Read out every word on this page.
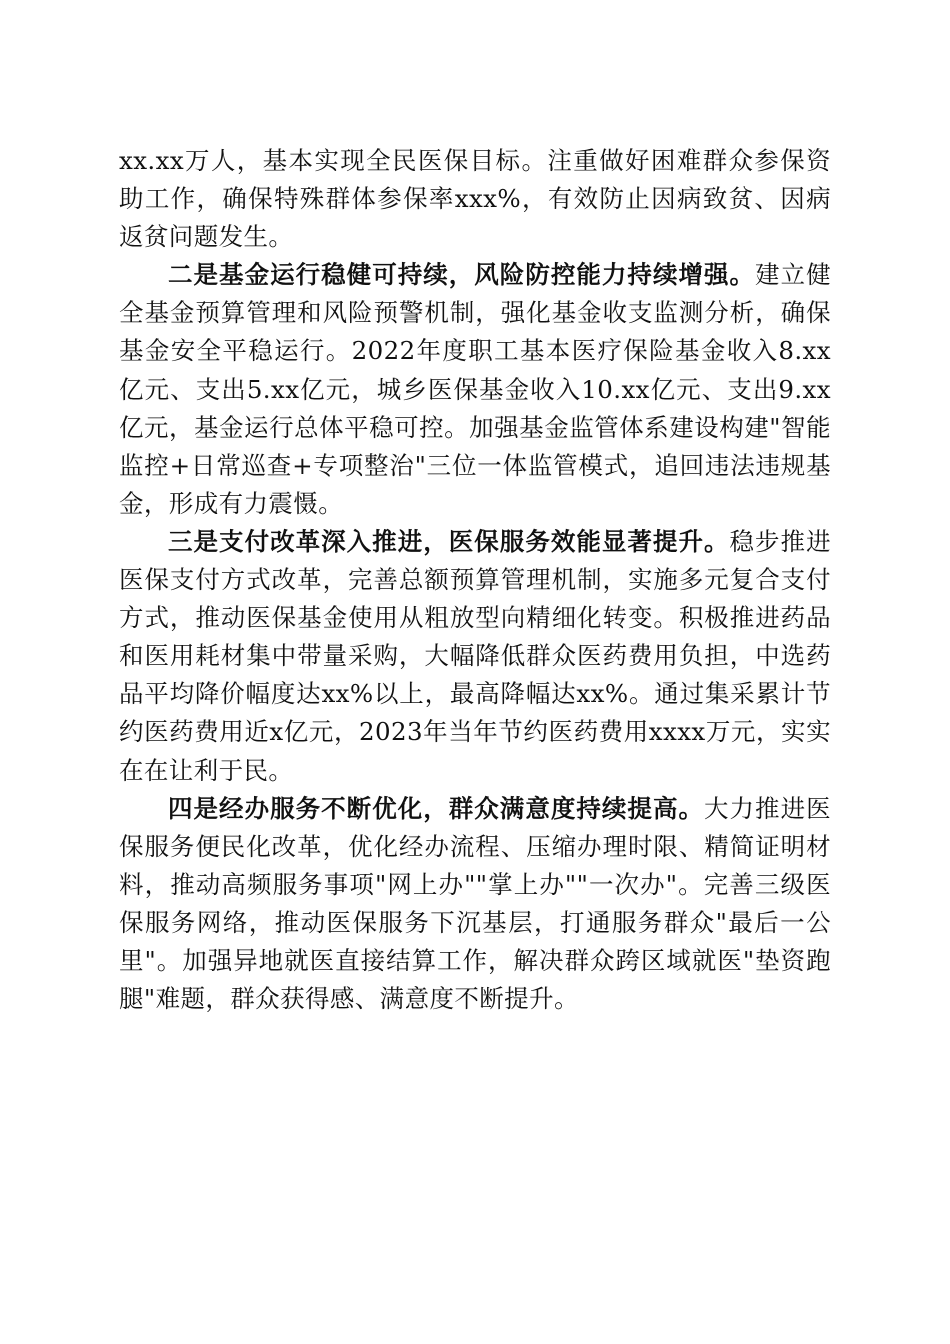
xx.xx万人，基本实现全民医保目标。注重做好困难群众参保资助工作，确保特殊群体参保率xxx%，有效防止因病致贫、因病返贫问题发生。

二是基金运行稳健可持续，风险防控能力持续增强。建立健全基金预算管理和风险预警机制，强化基金收支监测分析，确保基金安全平稳运行。2022年度职工基本医疗保险基金收入8.xx亿元、支出5.xx亿元，城乡医保基金收入10.xx亿元、支出9.xx亿元，基金运行总体平稳可控。加强基金监管体系建设构建"智能监控+日常巡查+专项整治"三位一体监管模式，追回违法违规基金，形成有力震慑。

三是支付改革深入推进，医保服务效能显著提升。稳步推进医保支付方式改革，完善总额预算管理机制，实施多元复合支付方式，推动医保基金使用从粗放型向精细化转变。积极推进药品和医用耗材集中带量采购，大幅降低群众医药费用负担，中选药品平均降价幅度达xx%以上，最高降幅达xx%。通过集采累计节约医药费用近x亿元，2023年当年节约医药费用xxxx万元，实实在在让利于民。

四是经办服务不断优化，群众满意度持续提高。大力推进医保服务便民化改革，优化经办流程、压缩办理时限、精简证明材料，推动高频服务事项"网上办""掌上办""一次办"。完善三级医保服务网络，推动医保服务下沉基层，打通服务群众"最后一公里"。加强异地就医直接结算工作，解决群众跨区域就医"垫资跑腿"难题，群众获得感、满意度不断提升。
